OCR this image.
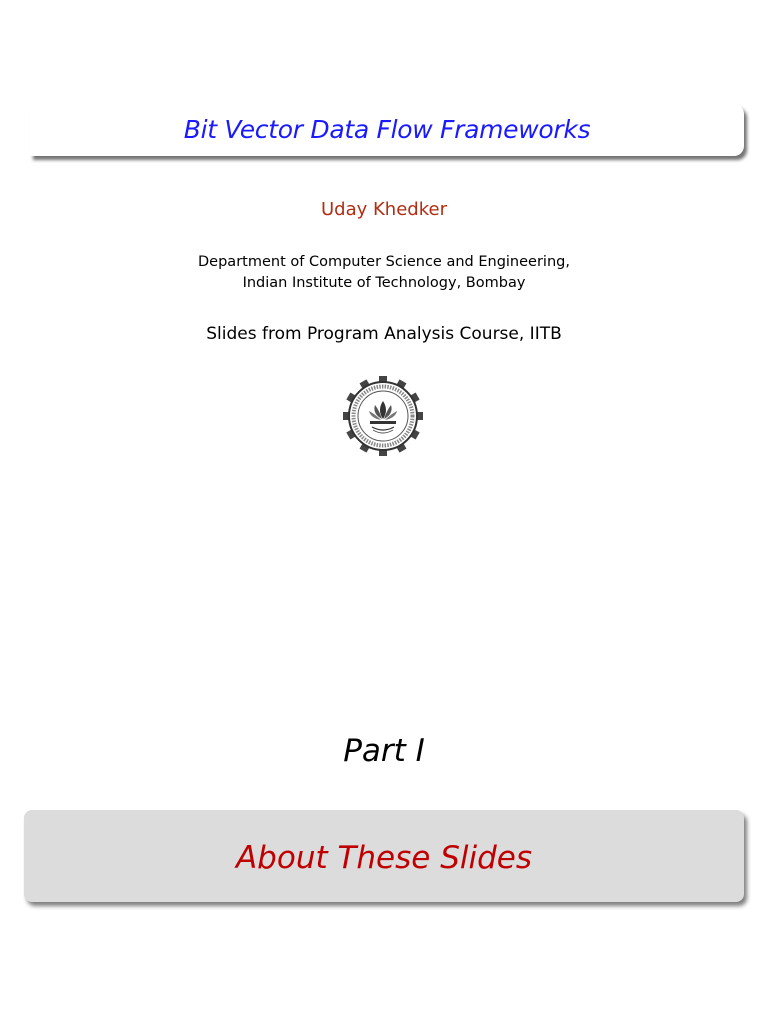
Bit Vector Data Flow Frameworks
Uday Khedker
Department of Computer Science and Engineering,
Indian Institute of Technology, Bombay
Slides from Program Analysis Course, IITB
Part I
About These Slides
